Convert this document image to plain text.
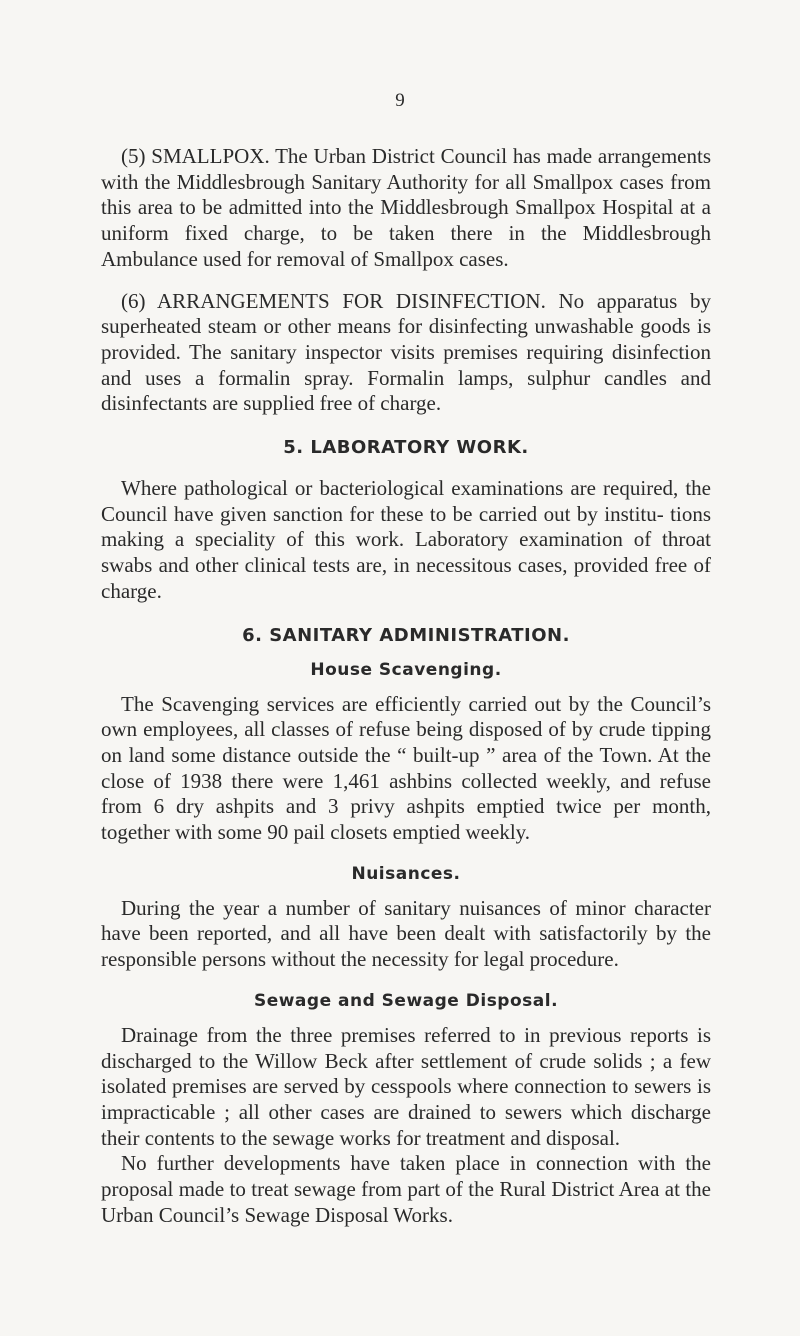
9

(5) SMALLPOX. The Urban District Council has made arrangements with the Middlesbrough Sanitary Authority for all Smallpox cases from this area to be admitted into the Middlesbrough Smallpox Hospital at a uniform fixed charge, to be taken there in the Middlesbrough Ambulance used for removal of Smallpox cases.

(6) ARRANGEMENTS FOR DISINFECTION. No apparatus by superheated steam or other means for disinfecting unwashable goods is provided. The sanitary inspector visits premises requiring disinfection and uses a formalin spray. Formalin lamps, sulphur candles and disinfectants are supplied free of charge.

5. LABORATORY WORK.

Where pathological or bacteriological examinations are required, the Council have given sanction for these to be carried out by institu- tions making a speciality of this work. Laboratory examination of throat swabs and other clinical tests are, in necessitous cases, provided free of charge.

6. SANITARY ADMINISTRATION.
House Scavenging.

The Scavenging services are efficiently carried out by the Council’s own employees, all classes of refuse being disposed of by crude tipping on land some distance outside the “ built-up ” area of the Town. At the close of 1938 there were 1,461 ashbins collected weekly, and refuse from 6 dry ashpits and 3 privy ashpits emptied twice per month, together with some 90 pail closets emptied weekly.

Nuisances.

During the year a number of sanitary nuisances of minor character have been reported, and all have been dealt with satisfactorily by the responsible persons without the necessity for legal procedure.

Sewage and Sewage Disposal.

Drainage from the three premises referred to in previous reports is discharged to the Willow Beck after settlement of crude solids ; a few isolated premises are served by cesspools where connection to sewers is impracticable ; all other cases are drained to sewers which discharge their contents to the sewage works for treatment and disposal.

No further developments have taken place in connection with the proposal made to treat sewage from part of the Rural District Area at the Urban Council’s Sewage Disposal Works.
